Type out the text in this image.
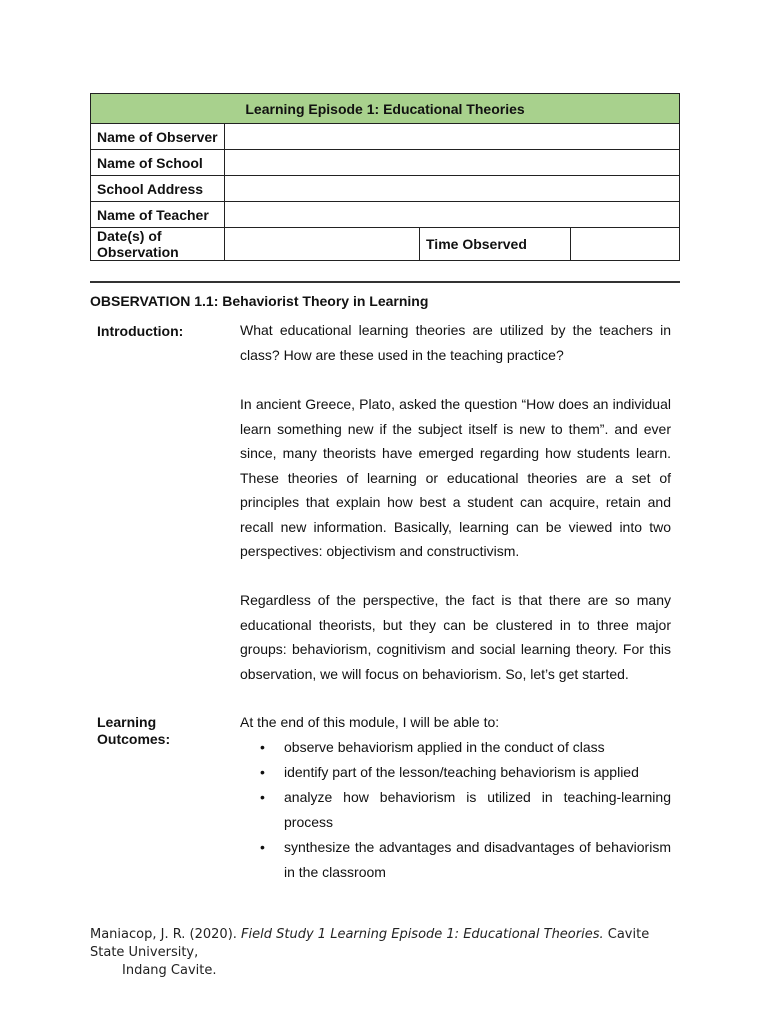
Learning Episode 1: Educational Theories			
Name of Observer			
Name of School			
School Address			
Name of Teacher			
Date(s) of
Observation		Time Observed	
OBSERVATION 1.1: Behaviorist Theory in Learning
Introduction:	What educational learning theories are utilized by the teachers in class? How are these used in the teaching practice?

In ancient Greece, Plato, asked the question “How does an individual learn something new if the subject itself is new to them”. and ever since, many theorists have emerged regarding how students learn. These theories of learning or educational theories are a set of principles that explain how best a student can acquire, retain and recall new information. Basically, learning can be viewed into two perspectives: objectivism and constructivism.

Regardless of the perspective, the fact is that there are so many educational theorists, but they can be clustered in to three major groups: behaviorism, cognitivism and social learning theory. For this observation, we will focus on behaviorism. So, let’s get started.

Learning
Outcomes:
At the end of this module, I will be able to:
• observe behaviorism applied in the conduct of class
• identify part of the lesson/teaching behaviorism is applied
• analyze how behaviorism is utilized in teaching-learning process
• synthesize the advantages and disadvantages of behaviorism in the classroom
Maniacop, J. R. (2020). Field Study 1 Learning Episode 1: Educational Theories. Cavite State University,
Indang Cavite.
